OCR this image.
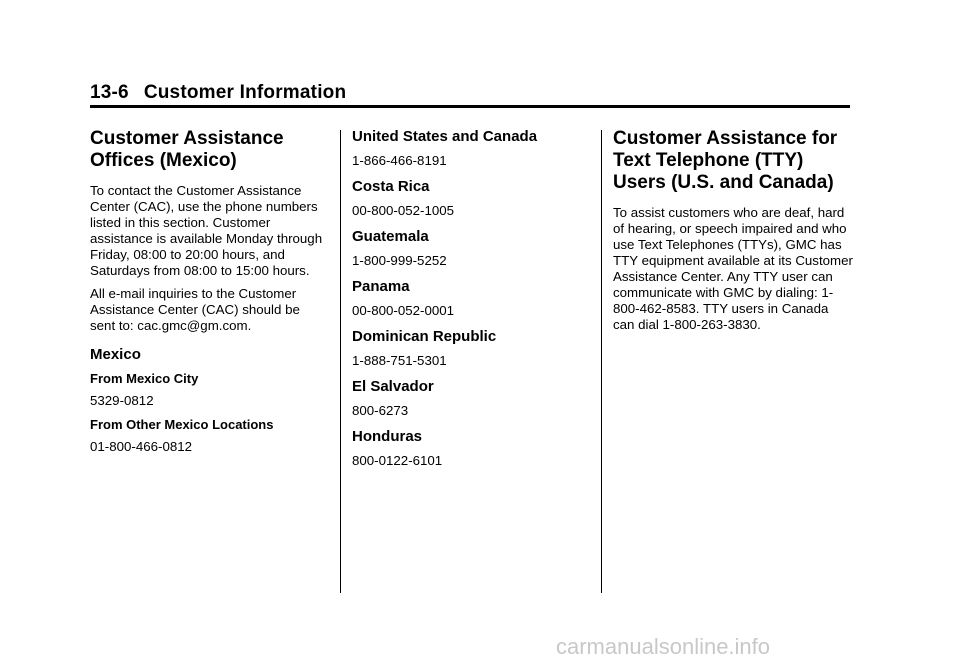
13-6 Customer Information
Customer Assistance Offices (Mexico)

To contact the Customer Assistance Center (CAC), use the phone numbers listed in this section. Customer assistance is available Monday through Friday, 08:00 to 20:00 hours, and Saturdays from 08:00 to 15:00 hours.

All e-mail inquiries to the Customer Assistance Center (CAC) should be sent to: cac.gmc@gm.com.

Mexico
From Mexico City
5329-0812
From Other Mexico Locations
01-800-466-0812
United States and Canada
1-866-466-8191
Costa Rica
00-800-052-1005
Guatemala
1-800-999-5252
Panama
00-800-052-0001
Dominican Republic
1-888-751-5301
El Salvador
800-6273
Honduras
800-0122-6101
Customer Assistance for Text Telephone (TTY) Users (U.S. and Canada)

To assist customers who are deaf, hard of hearing, or speech impaired and who use Text Telephones (TTYs), GMC has TTY equipment available at its Customer Assistance Center. Any TTY user can communicate with GMC by dialing: 1-800-462-8583. TTY users in Canada can dial 1-800-263-3830.

carmanualsonline.info
